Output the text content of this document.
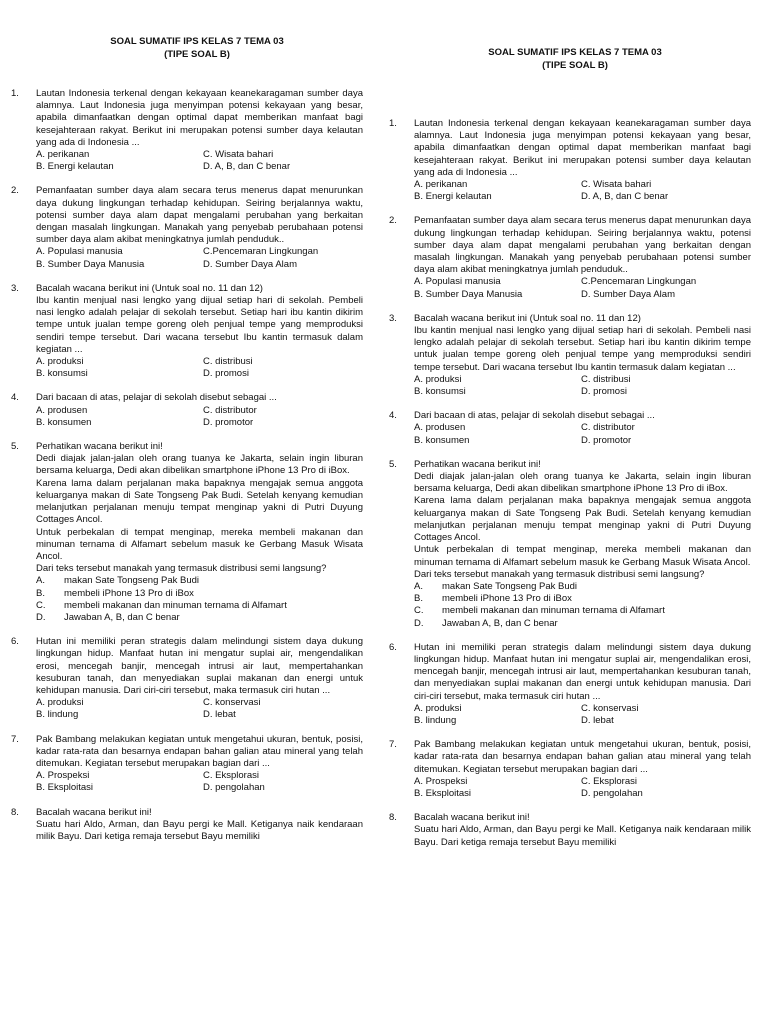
SOAL SUMATIF IPS KELAS 7 TEMA 03
(TIPE SOAL B)
1.	Lautan Indonesia terkenal dengan kekayaan keanekaragaman sumber daya alamnya. Laut Indonesia juga menyimpan potensi kekayaan yang besar, apabila dimanfaatkan dengan optimal dapat memberikan manfaat bagi kesejahteraan rakyat. Berikut ini merupakan potensi sumber daya kelautan yang ada di Indonesia ...
A. perikanan	C. Wisata bahari
B. Energi kelautan	D. A, B, dan C benar
2.	Pemanfaatan sumber daya alam secara terus menerus dapat menurunkan daya dukung lingkungan terhadap kehidupan. Seiring berjalannya waktu, potensi sumber daya alam dapat mengalami perubahan yang berkaitan dengan masalah lingkungan. Manakah yang penyebab perubahaan potensi sumber daya alam akibat meningkatnya jumlah penduduk..
A. Populasi manusia	C.Pencemaran Lingkungan
B. Sumber Daya Manusia	D. Sumber Daya Alam
3.	Bacalah wacana berikut ini (Untuk soal no. 11 dan 12)
Ibu kantin menjual nasi lengko yang dijual setiap hari di sekolah. Pembeli nasi lengko adalah pelajar di sekolah tersebut. Setiap hari ibu kantin dikirim tempe untuk jualan tempe goreng oleh penjual tempe yang memproduksi sendiri tempe tersebut. Dari wacana tersebut Ibu kantin termasuk dalam kegiatan ...
A. produksi	C. distribusi
B. konsumsi	D. promosi
4.	Dari bacaan di atas, pelajar di sekolah disebut sebagai ...
A. produsen	C. distributor
B. konsumen	D. promotor
5.	Perhatikan wacana berikut ini!
Dedi diajak jalan-jalan oleh orang tuanya ke Jakarta, selain ingin liburan bersama keluarga, Dedi akan dibelikan smartphone iPhone 13 Pro di iBox.
Karena lama dalam perjalanan maka bapaknya mengajak semua anggota keluarganya makan di Sate Tongseng Pak Budi. Setelah kenyang kemudian melanjutkan perjalanan menuju tempat menginap yakni di Putri Duyung Cottages Ancol.
Untuk perbekalan di tempat menginap, mereka membeli makanan dan minuman ternama di Alfamart sebelum masuk ke Gerbang Masuk Wisata Ancol.
Dari teks tersebut manakah yang termasuk distribusi semi langsung?
A.	makan Sate Tongseng Pak Budi
B.	membeli iPhone 13 Pro di iBox
C.	membeli makanan dan minuman ternama di Alfamart
D.	Jawaban A, B, dan C benar
6.	Hutan ini memiliki peran strategis dalam melindungi sistem daya dukung lingkungan hidup. Manfaat hutan ini mengatur suplai air, mengendalikan erosi, mencegah banjir, mencegah intrusi air laut, mempertahankan kesuburan tanah, dan menyediakan suplai makanan dan energi untuk kehidupan manusia. Dari ciri-ciri tersebut, maka termasuk ciri hutan ...
A. produksi	C. konservasi
B. lindung	D. lebat
7.	Pak Bambang melakukan kegiatan untuk mengetahui ukuran, bentuk, posisi, kadar rata-rata dan besarnya endapan bahan galian atau mineral yang telah ditemukan. Kegiatan tersebut merupakan bagian dari ...
A. Prospeksi	C. Eksplorasi
B. Eksploitasi	D. pengolahan
8.	Bacalah wacana berikut ini!
Suatu hari Aldo, Arman, dan Bayu pergi ke Mall. Ketiganya naik kendaraan milik Bayu. Dari ketiga remaja tersebut Bayu memiliki
SOAL SUMATIF IPS KELAS 7 TEMA 03
(TIPE SOAL B)
1.	Lautan Indonesia terkenal dengan kekayaan keanekaragaman sumber daya alamnya. Laut Indonesia juga menyimpan potensi kekayaan yang besar, apabila dimanfaatkan dengan optimal dapat memberikan manfaat bagi kesejahteraan rakyat. Berikut ini merupakan potensi sumber daya kelautan yang ada di Indonesia ...
A. perikanan	C. Wisata bahari
B. Energi kelautan	D. A, B, dan C benar
2.	Pemanfaatan sumber daya alam secara terus menerus dapat menurunkan daya dukung lingkungan terhadap kehidupan. Seiring berjalannya waktu, potensi sumber daya alam dapat mengalami perubahan yang berkaitan dengan masalah lingkungan. Manakah yang penyebab perubahaan potensi sumber daya alam akibat meningkatnya jumlah penduduk..
A. Populasi manusia	C.Pencemaran Lingkungan
B. Sumber Daya Manusia	D. Sumber Daya Alam
3.	Bacalah wacana berikut ini (Untuk soal no. 11 dan 12)
Ibu kantin menjual nasi lengko yang dijual setiap hari di sekolah. Pembeli nasi lengko adalah pelajar di sekolah tersebut. Setiap hari ibu kantin dikirim tempe untuk jualan tempe goreng oleh penjual tempe yang memproduksi sendiri tempe tersebut. Dari wacana tersebut Ibu kantin termasuk dalam kegiatan ...
A. produksi	C. distribusi
B. konsumsi	D. promosi
4.	Dari bacaan di atas, pelajar di sekolah disebut sebagai ...
A. produsen	C. distributor
B. konsumen	D. promotor
5.	Perhatikan wacana berikut ini!
Dedi diajak jalan-jalan oleh orang tuanya ke Jakarta, selain ingin liburan bersama keluarga, Dedi akan dibelikan smartphone iPhone 13 Pro di iBox.
Karena lama dalam perjalanan maka bapaknya mengajak semua anggota keluarganya makan di Sate Tongseng Pak Budi. Setelah kenyang kemudian melanjutkan perjalanan menuju tempat menginap yakni di Putri Duyung Cottages Ancol.
Untuk perbekalan di tempat menginap, mereka membeli makanan dan minuman ternama di Alfamart sebelum masuk ke Gerbang Masuk Wisata Ancol.
Dari teks tersebut manakah yang termasuk distribusi semi langsung?
A.	makan Sate Tongseng Pak Budi
B.	membeli iPhone 13 Pro di iBox
C.	membeli makanan dan minuman ternama di Alfamart
D.	Jawaban A, B, dan C benar
6.	Hutan ini memiliki peran strategis dalam melindungi sistem daya dukung lingkungan hidup. Manfaat hutan ini mengatur suplai air, mengendalikan erosi, mencegah banjir, mencegah intrusi air laut, mempertahankan kesuburan tanah, dan menyediakan suplai makanan dan energi untuk kehidupan manusia. Dari ciri-ciri tersebut, maka termasuk ciri hutan ...
A. produksi	C. konservasi
B. lindung	D. lebat
7.	Pak Bambang melakukan kegiatan untuk mengetahui ukuran, bentuk, posisi, kadar rata-rata dan besarnya endapan bahan galian atau mineral yang telah ditemukan. Kegiatan tersebut merupakan bagian dari ...
A. Prospeksi	C. Eksplorasi
B. Eksploitasi	D. pengolahan
8.	Bacalah wacana berikut ini!
Suatu hari Aldo, Arman, dan Bayu pergi ke Mall. Ketiganya naik kendaraan milik Bayu. Dari ketiga remaja tersebut Bayu memiliki
